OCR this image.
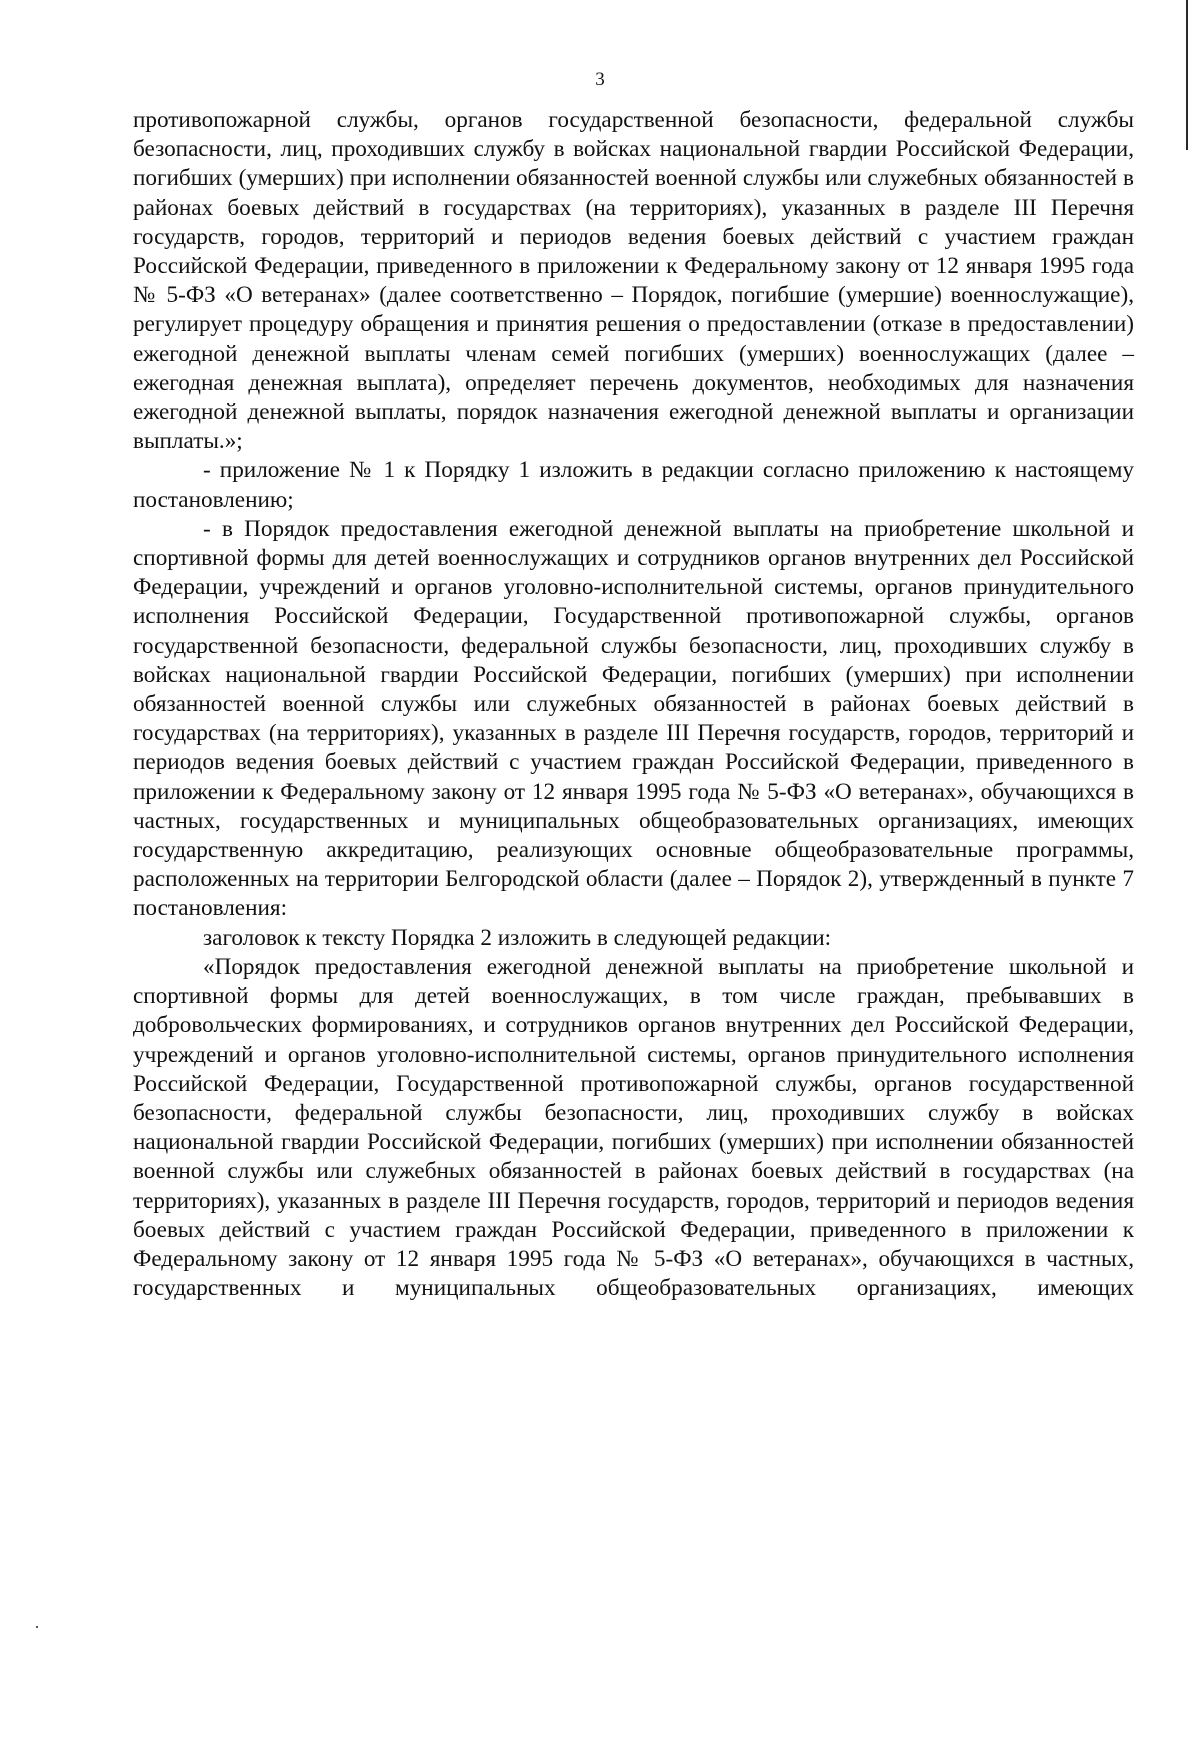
3

противопожарной службы, органов государственной безопасности, федеральной службы безопасности, лиц, проходивших службу в войсках национальной гвардии Российской Федерации, погибших (умерших) при исполнении обязанностей военной службы или служебных обязанностей в районах боевых действий в государствах (на территориях), указанных в разделе III Перечня государств, городов, территорий и периодов ведения боевых действий с участием граждан Российской Федерации, приведенного в приложении к Федеральному закону от 12 января 1995 года № 5-ФЗ «О ветеранах» (далее соответственно – Порядок, погибшие (умершие) военнослужащие), регулирует процедуру обращения и принятия решения о предоставлении (отказе в предоставлении) ежегодной денежной выплаты членам семей погибших (умерших) военнослужащих (далее – ежегодная денежная выплата), определяет перечень документов, необходимых для назначения ежегодной денежной выплаты, порядок назначения ежегодной денежной выплаты и организации выплаты.»;

- приложение № 1 к Порядку 1 изложить в редакции согласно приложению к настоящему постановлению;

- в Порядок предоставления ежегодной денежной выплаты на приобретение школьной и спортивной формы для детей военнослужащих и сотрудников органов внутренних дел Российской Федерации, учреждений и органов уголовно-исполнительной системы, органов принудительного исполнения Российской Федерации, Государственной противопожарной службы, органов государственной безопасности, федеральной службы безопасности, лиц, проходивших службу в войсках национальной гвардии Российской Федерации, погибших (умерших) при исполнении обязанностей военной службы или служебных обязанностей в районах боевых действий в государствах (на территориях), указанных в разделе III Перечня государств, городов, территорий и периодов ведения боевых действий с участием граждан Российской Федерации, приведенного в приложении к Федеральному закону от 12 января 1995 года № 5-ФЗ «О ветеранах», обучающихся в частных, государственных и муниципальных общеобразовательных организациях, имеющих государственную аккредитацию, реализующих основные общеобразовательные программы, расположенных на территории Белгородской области (далее – Порядок 2), утвержденный в пункте 7 постановления:

заголовок к тексту Порядка 2 изложить в следующей редакции:

«Порядок предоставления ежегодной денежной выплаты на приобретение школьной и спортивной формы для детей военнослужащих, в том числе граждан, пребывавших в добровольческих формированиях, и сотрудников органов внутренних дел Российской Федерации, учреждений и органов уголовно-исполнительной системы, органов принудительного исполнения Российской Федерации, Государственной противопожарной службы, органов государственной безопасности, федеральной службы безопасности, лиц, проходивших службу в войсках национальной гвардии Российской Федерации, погибших (умерших) при исполнении обязанностей военной службы или служебных обязанностей в районах боевых действий в государствах (на территориях), указанных в разделе III Перечня государств, городов, территорий и периодов ведения боевых действий с участием граждан Российской Федерации, приведенного в приложении к Федеральному закону от 12 января 1995 года № 5-ФЗ «О ветеранах», обучающихся в частных, государственных и муниципальных общеобразовательных организациях, имеющих
